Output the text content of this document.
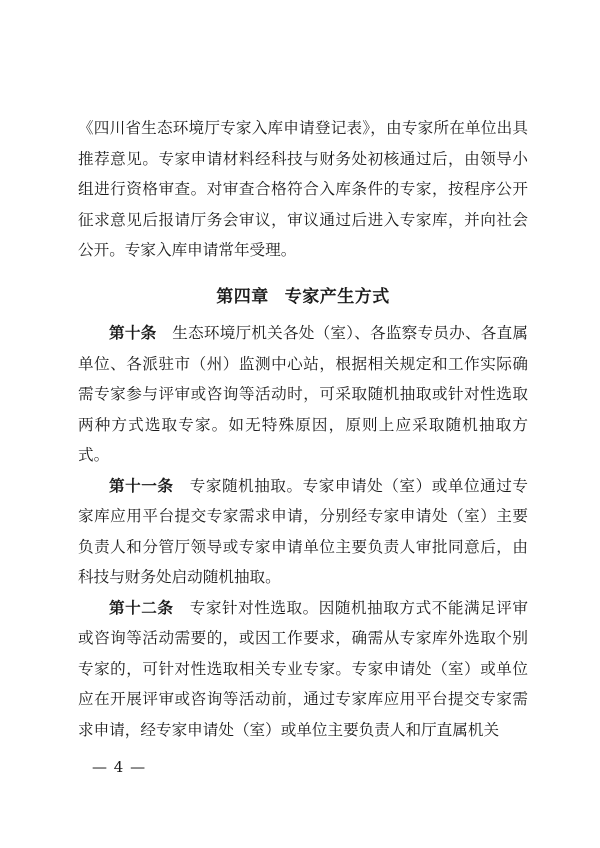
《四川省生态环境厅专家入库申请登记表》，由专家所在单位出具推荐意见。专家申请材料经科技与财务处初核通过后，由领导小组进行资格审查。对审查合格符合入库条件的专家，按程序公开征求意见后报请厅务会审议，审议通过后进入专家库，并向社会公开。专家入库申请常年受理。

第四章 专家产生方式

第十条　 生态环境厅机关各处（室）、各监察专员办、各直属单位、各派驻市（州）监测中心站，根据相关规定和工作实际确需专家参与评审或咨询等活动时，可采取随机抽取或针对性选取两种方式选取专家。如无特殊原因，原则上应采取随机抽取方式。

第十一条　 专家随机抽取。专家申请处（室）或单位通过专家库应用平台提交专家需求申请，分别经专家申请处（室）主要负责人和分管厅领导或专家申请单位主要负责人审批同意后，由科技与财务处启动随机抽取。

第十二条　 专家针对性选取。因随机抽取方式不能满足评审或咨询等活动需要的，或因工作要求，确需从专家库外选取个别专家的，可针对性选取相关专业专家。专家申请处（室）或单位应在开展评审或咨询等活动前，通过专家库应用平台提交专家需求申请，经专家申请处（室）或单位主要负责人和厅直属机关

— 4 —
